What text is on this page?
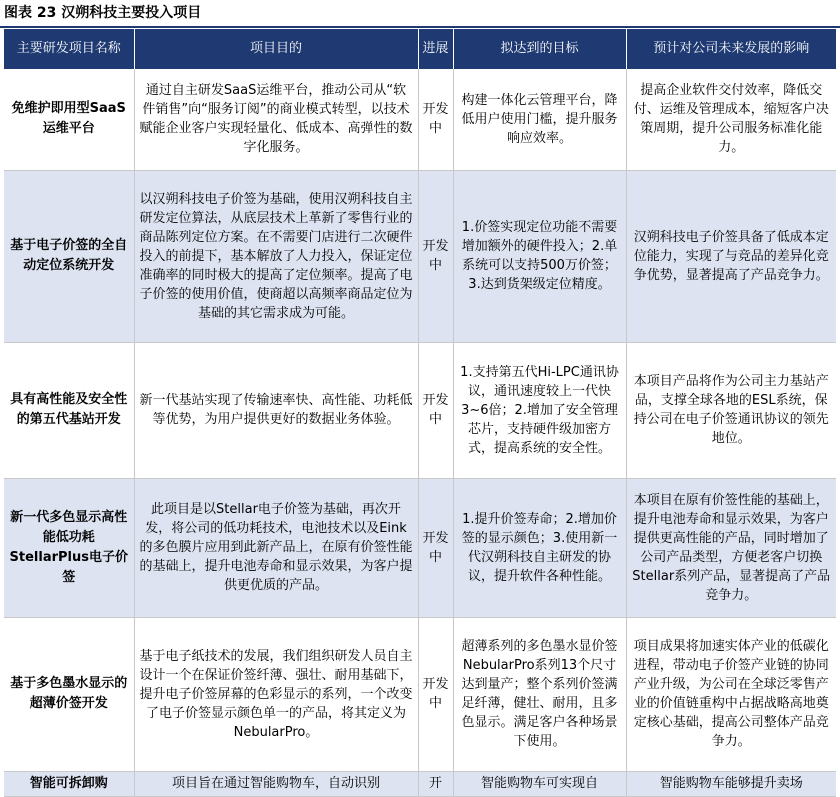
图表 23 汉朔科技主要投入项目
主要研发项目名称	项目目的	进展	拟达到的目标	预计对公司未来发展的影响
免维护即用型SaaS运维平台	通过自主研发SaaS运维平台，推动公司从“软件销售”向“服务订阅”的商业模式转型，以技术赋能企业客户实现轻量化、低成本、高弹性的数字化服务。	开发中	构建一体化云管理平台，降低用户使用门槛，提升服务响应效率。	提高企业软件交付效率，降低交付、运维及管理成本，缩短客户决策周期，提升公司服务标准化能力。
基于电子价签的全自动定位系统开发	以汉朔科技电子价签为基础，使用汉朔科技自主研发定位算法，从底层技术上革新了零售行业的商品陈列定位方案。在不需要门店进行二次硬件投入的前提下，基本解放了人力投入，保证定位准确率的同时极大的提高了定位频率。提高了电子价签的使用价值，使商超以高频率商品定位为基础的其它需求成为可能。	开发中	1.价签实现定位功能不需要增加额外的硬件投入；2.单系统可以支持500万价签；3.达到货架级定位精度。	汉朔科技电子价签具备了低成本定位能力，实现了与竞品的差异化竞争优势，显著提高了产品竞争力。
具有高性能及安全性的第五代基站开发	新一代基站实现了传输速率快、高性能、功耗低等优势，为用户提供更好的数据业务体验。	开发中	1.支持第五代Hi-LPC通讯协议，通讯速度较上一代快3~6倍；2.增加了安全管理芯片，支持硬件级加密方式，提高系统的安全性。	本项目产品将作为公司主力基站产品，支撑全球各地的ESL系统，保持公司在电子价签通讯协议的领先地位。
新一代多色显示高性能低功耗StellarPlus电子价签	此项目是以Stellar电子价签为基础，再次开发，将公司的低功耗技术，电池技术以及Eink的多色膜片应用到此新产品上，在原有价签性能的基础上，提升电池寿命和显示效果，为客户提供更优质的产品。	开发中	1.提升价签寿命；2.增加价签的显示颜色；3.使用新一代汉朔科技自主研发的协议，提升软件各种性能。	本项目在原有价签性能的基础上，提升电池寿命和显示效果，为客户提供更高性能的产品，同时增加了公司产品类型，方便老客户切换Stellar系列产品，显著提高了产品竞争力。
基于多色墨水显示的超薄价签开发	基于电子纸技术的发展，我们组织研发人员自主设计一个在保证价签纤薄、强壮、耐用基础下，提升电子价签屏幕的色彩显示的系列，一个改变了电子价签显示颜色单一的产品，将其定义为NebularPro。	开发中	超薄系列的多色墨水显价签NebularPro系列13个尺寸达到量产；整个系列价签满足纤薄，健壮、耐用，且多色显示。满足客户各种场景下使用。	项目成果将加速实体产业的低碳化进程，带动电子价签产业链的协同产业升级，为公司在全球泛零售产业的价值链重构中占据战略高地奠定核心基础，提高公司整体产品竞争力。
智能可拆卸购	项目旨在通过智能购物车，自动识别	开	智能购物车可实现自	智能购物车能够提升卖场
